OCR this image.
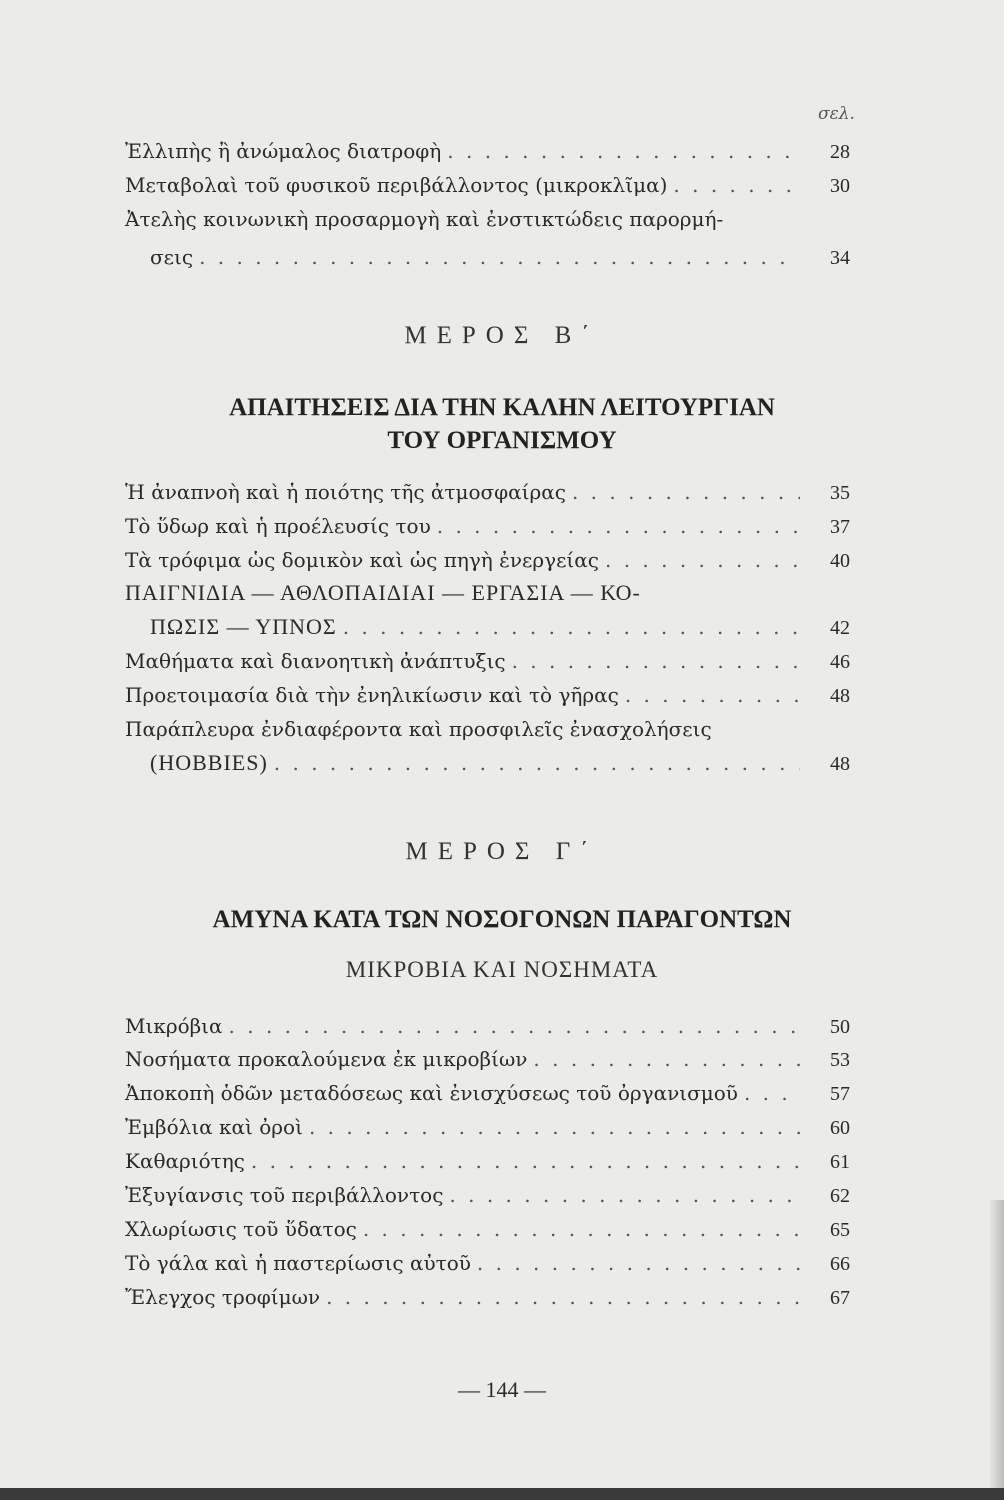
σελ.
Ἐλλιπὴς ἢ ἀνώμαλος διατροφὴ . . .	28
Μεταβολαὶ τοῦ φυσικοῦ περιβάλλοντος (μικροκλῖμα) . . .	30
Ἀτελὴς κοινωνικὴ προσαρμογὴ καὶ ἐνστικτώδεις παρορμή-
σεις . . .	34
ΜΕΡΟΣ Β΄
ΑΠΑΙΤΗΣΕΙΣ ΔΙΑ ΤΗΝ ΚΑΛΗΝ ΛΕΙΤΟΥΡΓΙΑΝ
ΤΟΥ ΟΡΓΑΝΙΣΜΟΥ
Ἡ ἀναπνοὴ καὶ ἡ ποιότης τῆς ἀτμοσφαίρας . . .	35
Τὸ ὕδωρ καὶ ἡ προέλευσίς του . . .	37
Τὰ τρόφιμα ὡς δομικὸν καὶ ὡς πηγὴ ἐνεργείας . . .	40
ΠΑΙΓΝΙΔΙΑ — ΑΘΛΟΠΑΙΔΙΑΙ — ΕΡΓΑΣΙΑ — ΚΟ-
ΠΩΣΙΣ — ΥΠΝΟΣ . . .	42
Μαθήματα καὶ διανοητικὴ ἀνάπτυξις . . .	46
Προετοιμασία διὰ τὴν ἐνηλικίωσιν καὶ τὸ γῆρας . . .	48
Παράπλευρα ἐνδιαφέροντα καὶ προσφιλεῖς ἐνασχολήσεις
(HOBBIES) . . .	48
ΜΕΡΟΣ Γ΄
ΑΜΥΝΑ ΚΑΤΑ ΤΩΝ ΝΟΣΟΓΟΝΩΝ ΠΑΡΑΓΟΝΤΩΝ
ΜΙΚΡΟΒΙΑ ΚΑΙ ΝΟΣΗΜΑΤΑ
Μικρόβια . . .	50
Νοσήματα προκαλούμενα ἐκ μικροβίων . . .	53
Ἀποκοπὴ ὁδῶν μεταδόσεως καὶ ἐνισχύσεως τοῦ ὀργανισμοῦ . . .	57
Ἐμβόλια καὶ ὀροὶ . . .	60
Καθαριότης . . .	61
Ἐξυγίανσις τοῦ περιβάλλοντος . . .	62
Χλωρίωσις τοῦ ὕδατος . . .	65
Τὸ γάλα καὶ ἡ παστερίωσις αὐτοῦ . . .	66
Ἔλεγχος τροφίμων . . .	67
— 144 —
